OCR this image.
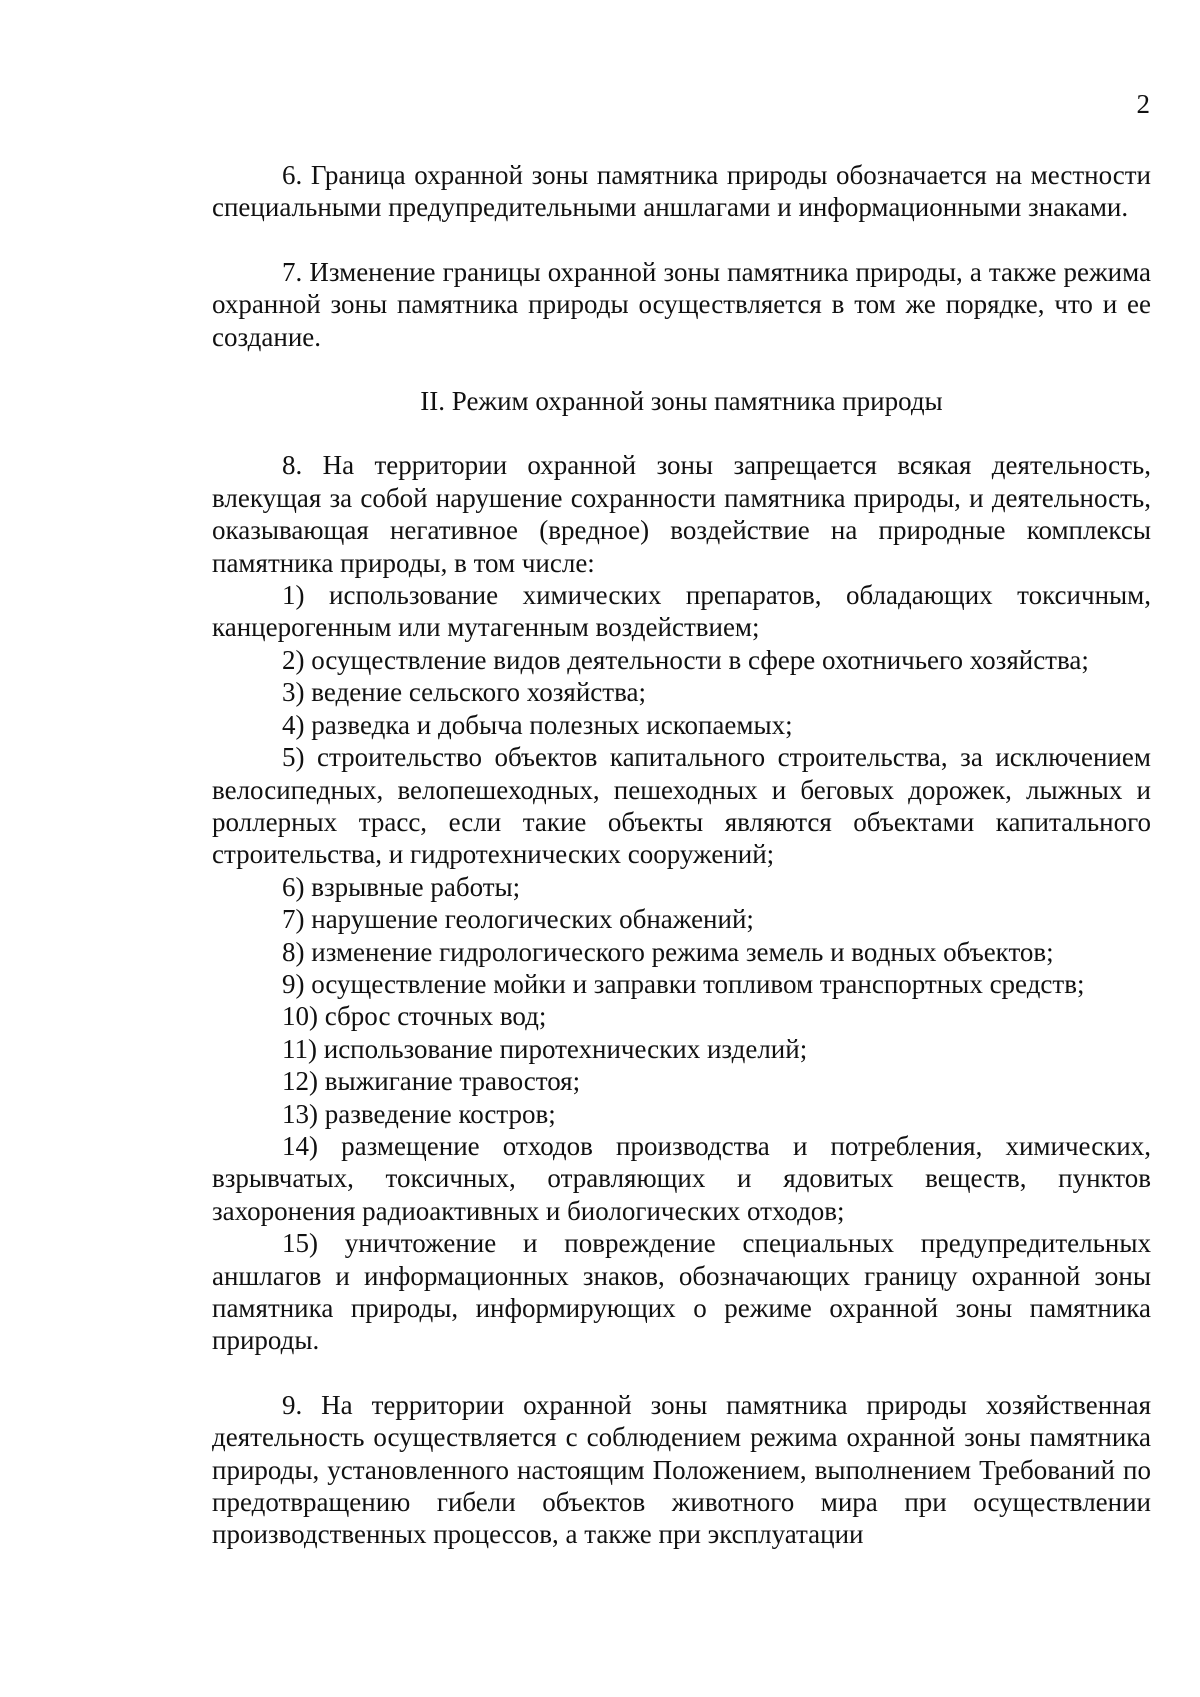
2

6. Граница охранной зоны памятника природы обозначается на местности специальными предупредительными аншлагами и информационными знаками.

7. Изменение границы охранной зоны памятника природы, а также режима охранной зоны памятника природы осуществляется в том же порядке, что и ее создание.

II. Режим охранной зоны памятника природы

8. На территории охранной зоны запрещается всякая деятельность, влекущая за собой нарушение сохранности памятника природы, и деятельность, оказывающая негативное (вредное) воздействие на природные комплексы памятника природы, в том числе:

1) использование химических препаратов, обладающих токсичным, канцерогенным или мутагенным воздействием;
2) осуществление видов деятельности в сфере охотничьего хозяйства;
3) ведение сельского хозяйства;
4) разведка и добыча полезных ископаемых;
5) строительство объектов капитального строительства, за исключением велосипедных, велопешеходных, пешеходных и беговых дорожек, лыжных и роллерных трасс, если такие объекты являются объектами капитального строительства, и гидротехнических сооружений;
6) взрывные работы;
7) нарушение геологических обнажений;
8) изменение гидрологического режима земель и водных объектов;
9) осуществление мойки и заправки топливом транспортных средств;
10) сброс сточных вод;
11) использование пиротехнических изделий;
12) выжигание травостоя;
13) разведение костров;
14) размещение отходов производства и потребления, химических, взрывчатых, токсичных, отравляющих и ядовитых веществ, пунктов захоронения радиоактивных и биологических отходов;
15) уничтожение и повреждение специальных предупредительных аншлагов и информационных знаков, обозначающих границу охранной зоны памятника природы, информирующих о режиме охранной зоны памятника природы.

9. На территории охранной зоны памятника природы хозяйственная деятельность осуществляется с соблюдением режима охранной зоны памятника природы, установленного настоящим Положением, выполнением Требований по предотвращению гибели объектов животного мира при осуществлении производственных процессов, а также при эксплуатации
